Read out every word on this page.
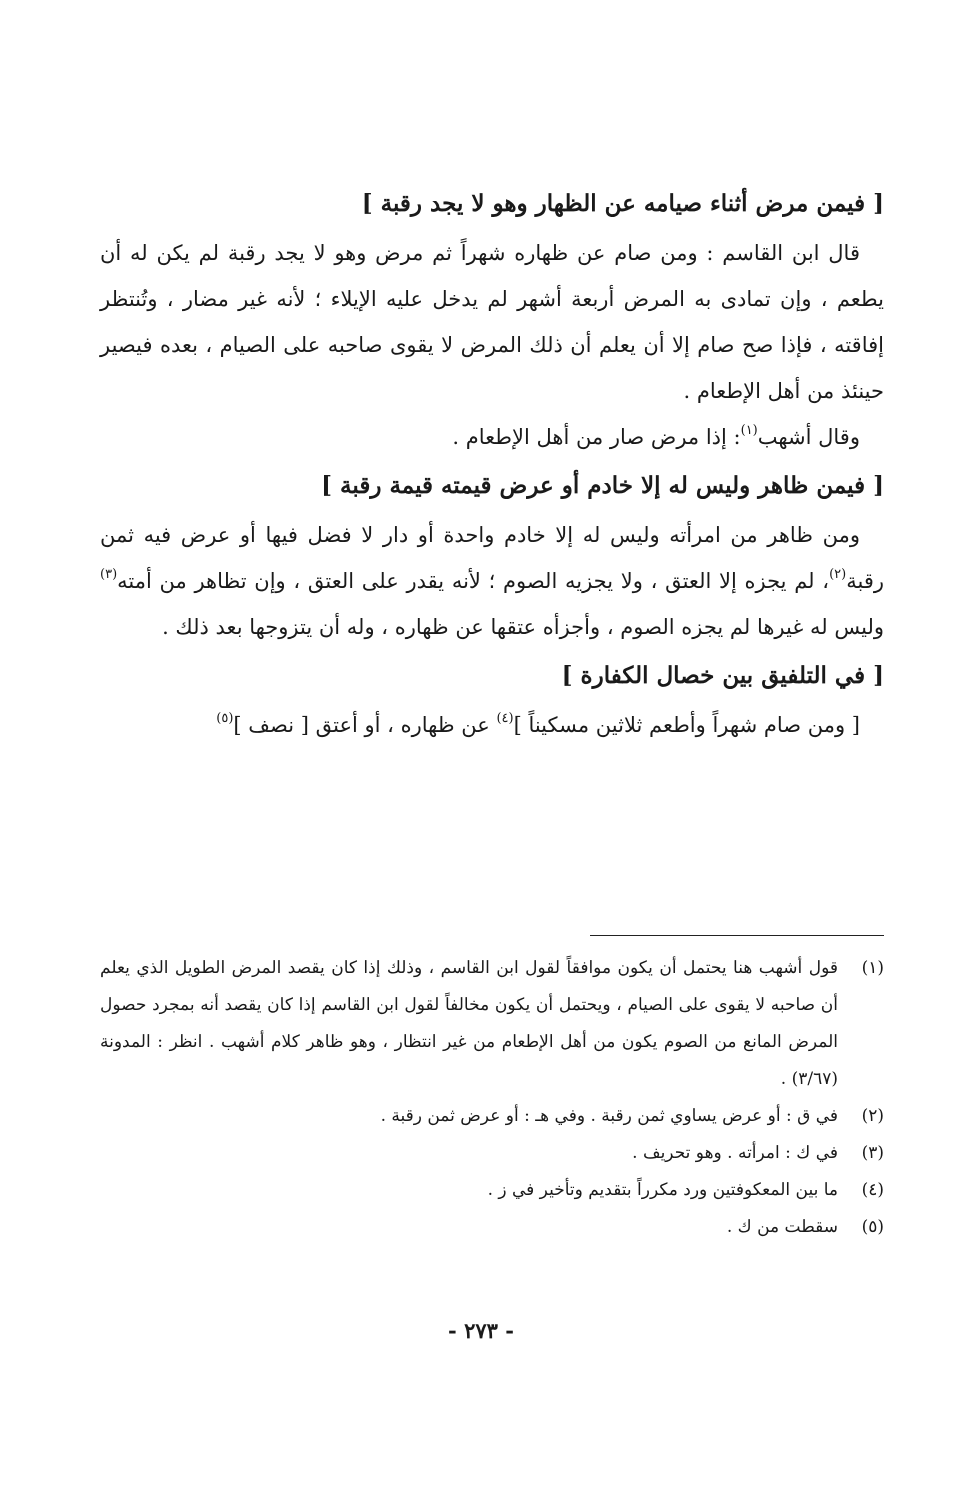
[ فيمن مرض أثناء صيامه عن الظهار وهو لا يجد رقبة ]

قال ابن القاسم : ومن صام عن ظهاره شهراً ثم مرض وهو لا يجد رقبة لم يكن له أن يطعم ، وإن تمادى به المرض أربعة أشهر لم يدخل عليه الإيلاء ؛ لأنه غير مضار ، وتُنتظر إفاقته ، فإذا صح صام إلا أن يعلم أن ذلك المرض لا يقوى صاحبه على الصيام ، بعده فيصير حينئذ من أهل الإطعام .

وقال أشهب$^{(١)}$: إذا مرض صار من أهل الإطعام .

[ فيمن ظاهر وليس له إلا خادم أو عرض قيمته قيمة رقبة ]

ومن ظاهر من امرأته وليس له إلا خادم واحدة أو دار لا فضل فيها أو عرض فيه ثمن رقبة$^{(٢)}$، لم يجزه إلا العتق ، ولا يجزيه الصوم ؛ لأنه يقدر على العتق ، وإن تظاهر من أمته$^{(٣)}$ وليس له غيرها لم يجزه الصوم ، وأجزأه عتقها عن ظهاره ، وله أن يتزوجها بعد ذلك .

[ في التلفيق بين خصال الكفارة ]

[ ومن صام شهراً وأطعم ثلاثين مسكيناً ]$^{(٤)}$ عن ظهاره ، أو أعتق [ نصف ]$^{(٥)}$

(١)
قول أشهب هنا يحتمل أن يكون موافقاً لقول ابن القاسم ، وذلك إذا كان يقصد المرض الطويل الذي يعلم أن صاحبه لا يقوى على الصيام ، ويحتمل أن يكون مخالفاً لقول ابن القاسم إذا كان يقصد أنه بمجرد حصول المرض المانع من الصوم يكون من أهل الإطعام من غير انتظار ، وهو ظاهر كلام أشهب . انظر : المدونة (٣/٦٧) .
(٢)
في ق : أو عرض يساوي ثمن رقبة . وفي هـ : أو عرض ثمن رقبة .
(٣)
في ك : امرأته . وهو تحريف .
(٤)
ما بين المعكوفتين ورد مكرراً بتقديم وتأخير في ز .
(٥)
سقطت من ك .
- ٢٧٣ -
